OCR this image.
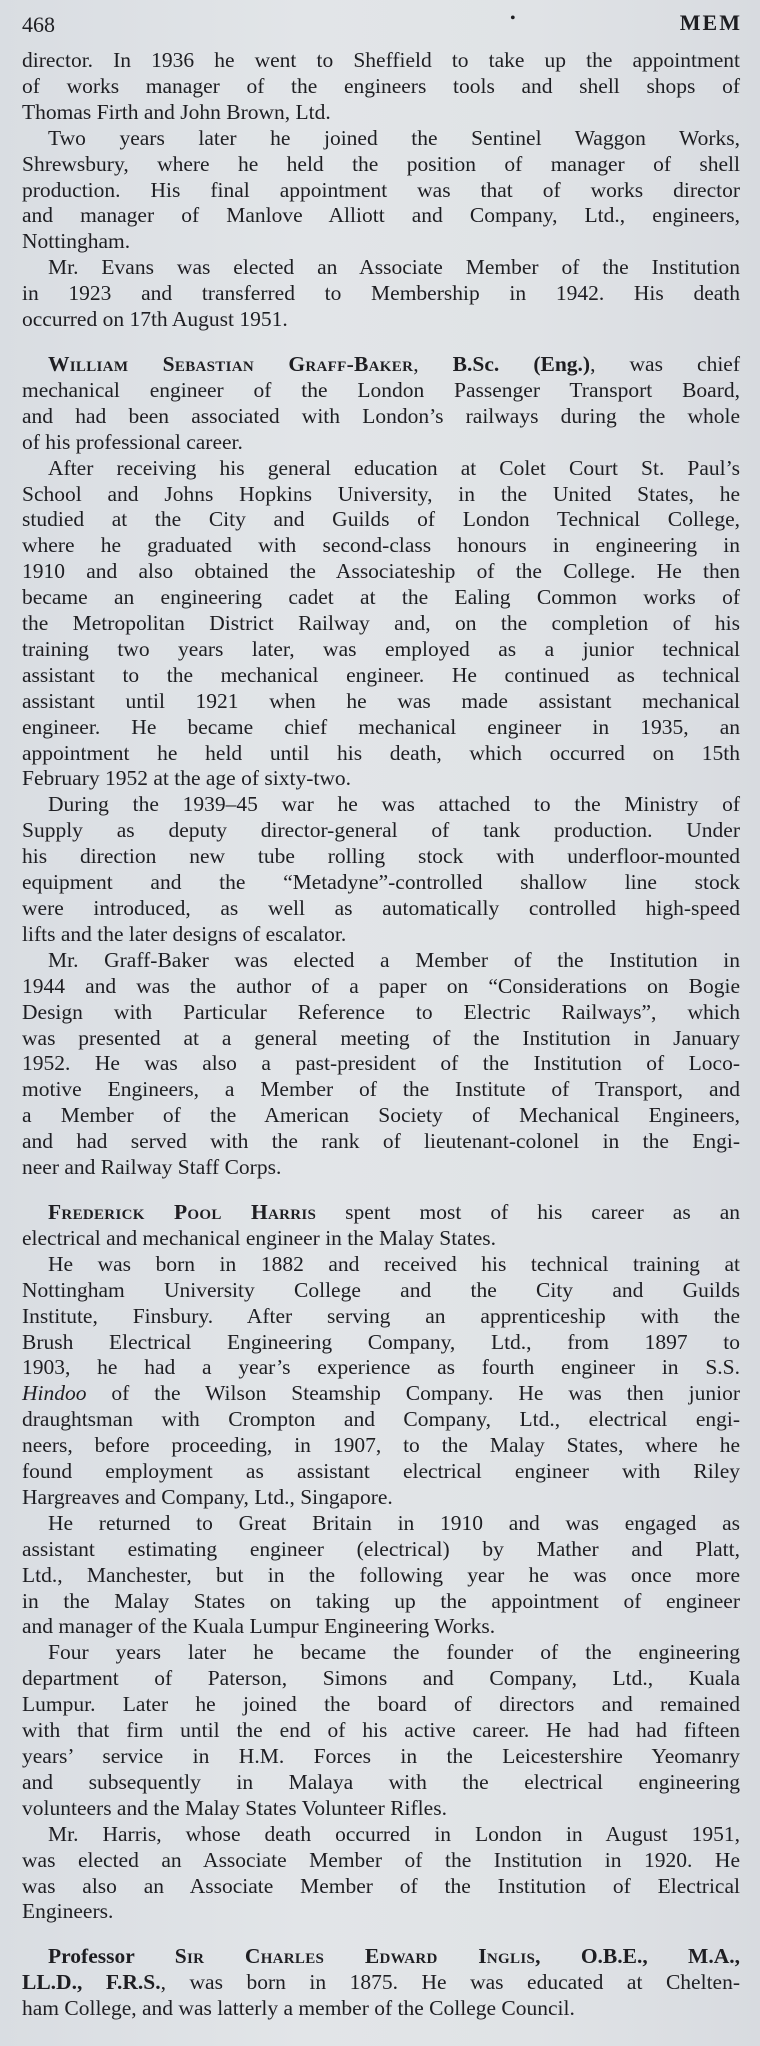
468	•	MEM
director. In 1936 he went to Sheffield to take up the appointment
of works manager of the engineers tools and shell shops of
Thomas Firth and John Brown, Ltd.
Two years later he joined the Sentinel Waggon Works,
Shrewsbury, where he held the position of manager of shell
production. His final appointment was that of works director
and manager of Manlove Alliott and Company, Ltd., engineers,
Nottingham.
Mr. Evans was elected an Associate Member of the Institution
in 1923 and transferred to Membership in 1942. His death
occurred on 17th August 1951.
William Sebastian Graff-Baker, B.Sc. (Eng.), was chief
mechanical engineer of the London Passenger Transport Board,
and had been associated with London’s railways during the whole
of his professional career.
After receiving his general education at Colet Court St. Paul’s
School and Johns Hopkins University, in the United States, he
studied at the City and Guilds of London Technical College,
where he graduated with second-class honours in engineering in
1910 and also obtained the Associateship of the College. He then
became an engineering cadet at the Ealing Common works of
the Metropolitan District Railway and, on the completion of his
training two years later, was employed as a junior technical
assistant to the mechanical engineer. He continued as technical
assistant until 1921 when he was made assistant mechanical
engineer. He became chief mechanical engineer in 1935, an
appointment he held until his death, which occurred on 15th
February 1952 at the age of sixty-two.
During the 1939–45 war he was attached to the Ministry of
Supply as deputy director-general of tank production. Under
his direction new tube rolling stock with underfloor-mounted
equipment and the “Metadyne”-controlled shallow line stock
were introduced, as well as automatically controlled high-speed
lifts and the later designs of escalator.
Mr. Graff-Baker was elected a Member of the Institution in
1944 and was the author of a paper on “Considerations on Bogie
Design with Particular Reference to Electric Railways”, which
was presented at a general meeting of the Institution in January
1952. He was also a past-president of the Institution of Loco-
motive Engineers, a Member of the Institute of Transport, and
a Member of the American Society of Mechanical Engineers,
and had served with the rank of lieutenant-colonel in the Engi-
neer and Railway Staff Corps.
Frederick Pool Harris spent most of his career as an
electrical and mechanical engineer in the Malay States.
He was born in 1882 and received his technical training at
Nottingham University College and the City and Guilds
Institute, Finsbury. After serving an apprenticeship with the
Brush Electrical Engineering Company, Ltd., from 1897 to
1903, he had a year’s experience as fourth engineer in S.S.
Hindoo of the Wilson Steamship Company. He was then junior
draughtsman with Crompton and Company, Ltd., electrical engi-
neers, before proceeding, in 1907, to the Malay States, where he
found employment as assistant electrical engineer with Riley
Hargreaves and Company, Ltd., Singapore.
He returned to Great Britain in 1910 and was engaged as
assistant estimating engineer (electrical) by Mather and Platt,
Ltd., Manchester, but in the following year he was once more
in the Malay States on taking up the appointment of engineer
and manager of the Kuala Lumpur Engineering Works.
Four years later he became the founder of the engineering
department of Paterson, Simons and Company, Ltd., Kuala
Lumpur. Later he joined the board of directors and remained
with that firm until the end of his active career. He had had fifteen
years’ service in H.M. Forces in the Leicestershire Yeomanry
and subsequently in Malaya with the electrical engineering
volunteers and the Malay States Volunteer Rifles.
Mr. Harris, whose death occurred in London in August 1951,
was elected an Associate Member of the Institution in 1920. He
was also an Associate Member of the Institution of Electrical
Engineers.
Professor Sir Charles Edward Inglis, O.B.E., M.A.,
LL.D., F.R.S., was born in 1875. He was educated at Chelten-
ham College, and was latterly a member of the College Council.
